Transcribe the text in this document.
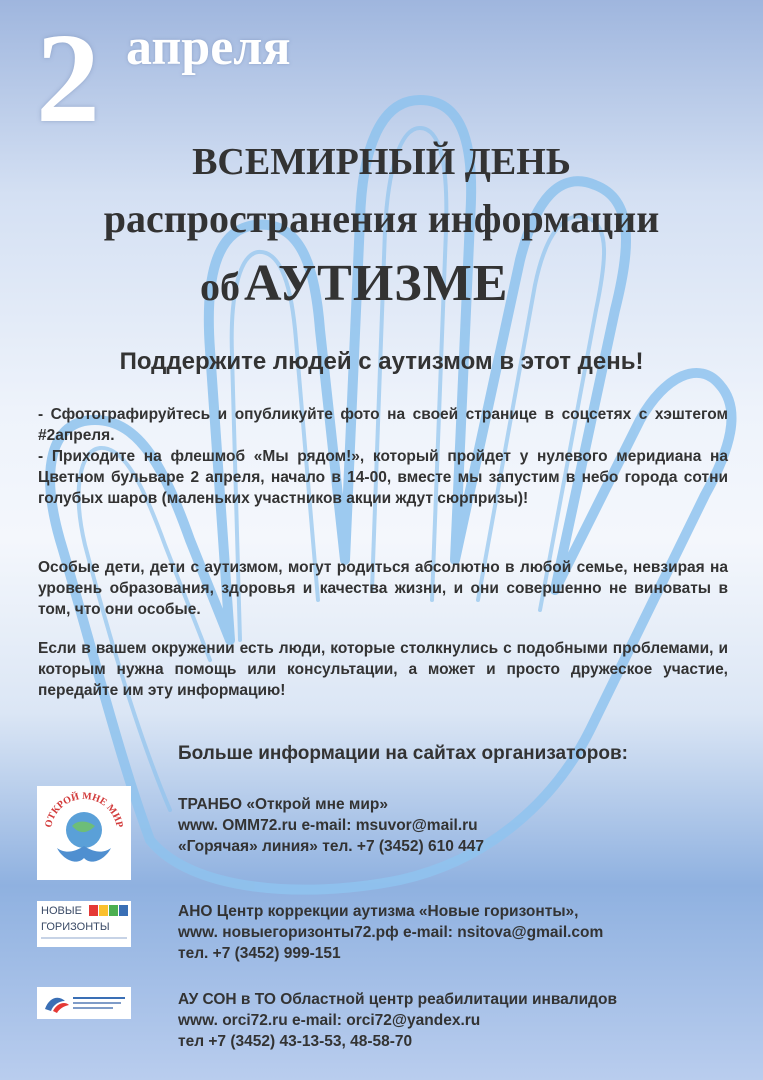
2 апреля
ВСЕМИРНЫЙ ДЕНЬ
распространения информации
об АУТИЗМЕ
Поддержите людей с аутизмом в этот день!
- Сфотографируйтесь и опубликуйте фото на своей странице в соцсетях с хэштегом #2апреля.
- Приходите на флешмоб «Мы рядом!», который пройдет у нулевого меридиана на Цветном бульваре 2 апреля, начало в 14-00, вместе мы запустим в небо города сотни голубых шаров (маленьких участников акции ждут сюрпризы)!
Особые дети, дети с аутизмом, могут родиться абсолютно в любой семье, невзирая на уровень образования, здоровья и качества жизни, и они совершенно не виноваты в том, что они особые.
Если в вашем окружении есть люди, которые столкнулись с подобными проблемами, и которым нужна помощь или консультации, а может и просто дружеское участие, передайте им эту информацию!
Больше информации на сайтах организаторов:
ОТКРОЙ МНЕ МИР
НОВЫЕ
ГОРИЗОНТЫ
ТРАНБО «Открой мне мир»
www. OMM72.ru e-mail: msuvor@mail.ru
«Горячая» линия» тел. +7 (3452) 610 447
АНО Центр коррекции аутизма «Новые горизонты»,
www. новыегоризонты72.рф e-mail: nsitova@gmail.com
тел. +7 (3452) 999-151
АУ СОН в ТО Областной центр реабилитации инвалидов
www. orci72.ru e-mail: orci72@yandex.ru
тел +7 (3452) 43-13-53, 48-58-70
